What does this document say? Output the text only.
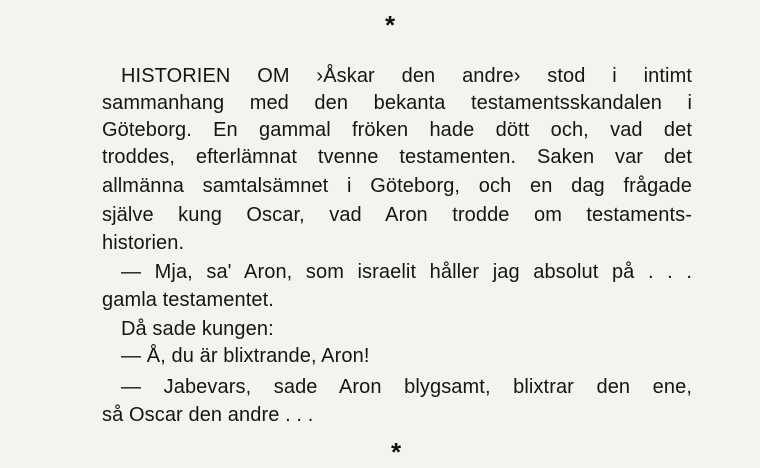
*
HISTORIEN OM ›Åskar den andre› stod i intimt
sammanhang med den bekanta testamentsskandalen i
Göteborg. En gammal fröken hade dött och, vad det
troddes, efterlämnat tvenne testamenten. Saken var det
allmänna samtalsämnet i Göteborg, och en dag frågade
själve kung Oscar, vad Aron trodde om testaments-
historien.
— Mja, sa' Aron, som israelit håller jag absolut på . . .
gamla testamentet.
Då sade kungen:
— Å, du är blixtrande, Aron!
— Jabevars, sade Aron blygsamt, blixtrar den ene,
så Oscar den andre . . .
*
